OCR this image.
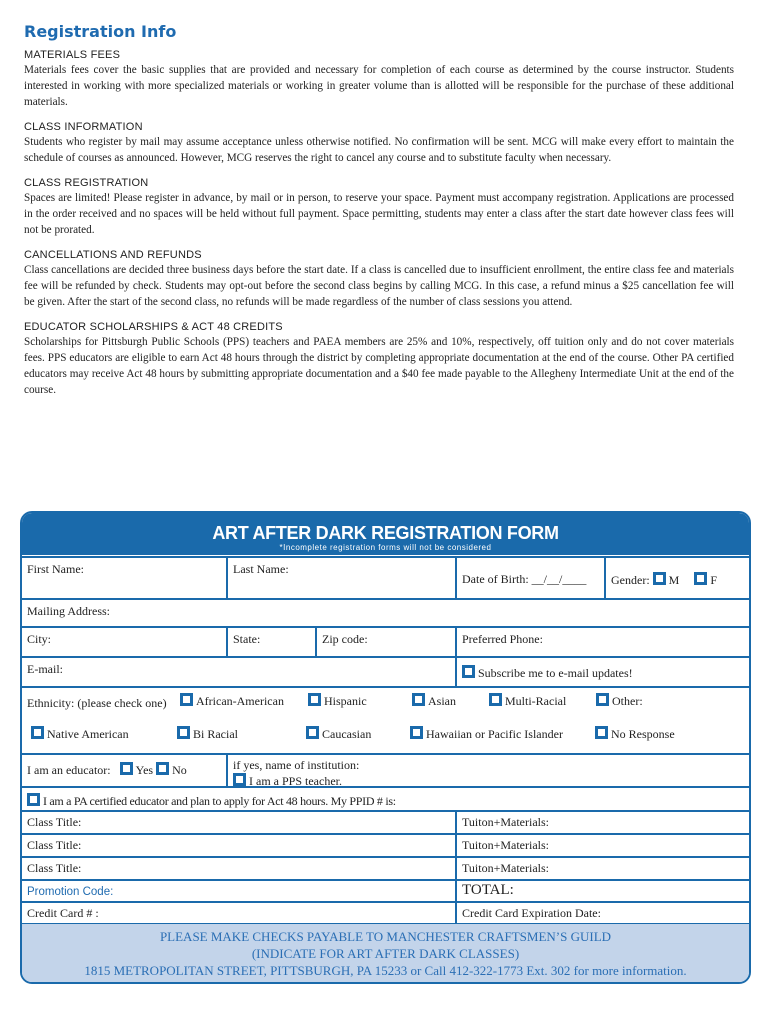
Registration Info
MATERIALS FEES

Materials fees cover the basic supplies that are provided and necessary for completion of each course as determined by the course instructor. Students interested in working with more specialized materials or working in greater volume than is allotted will be responsible for the purchase of these additional materials.

CLASS INFORMATION

Students who register by mail may assume acceptance unless otherwise notified. No confirmation will be sent. MCG will make every effort to maintain the schedule of courses as announced. However, MCG reserves the right to cancel any course and to substitute faculty when necessary.

CLASS REGISTRATION

Spaces are limited! Please register in advance, by mail or in person, to reserve your space. Payment must accompany registration. Applications are processed in the order received and no spaces will be held without full payment. Space permitting, students may enter a class after the start date however class fees will not be prorated.

CANCELLATIONS AND REFUNDS

Class cancellations are decided three business days before the start date. If a class is cancelled due to insufficient enrollment, the entire class fee and materials fee will be refunded by check. Students may opt-out before the second class begins by calling MCG. In this case, a refund minus a $25 cancellation fee will be given. After the start of the second class, no refunds will be made regardless of the number of class sessions you attend.

EDUCATOR SCHOLARSHIPS & ACT 48 CREDITS

Scholarships for Pittsburgh Public Schools (PPS) teachers and PAEA members are 25% and 10%, respectively, off tuition only and do not cover materials fees. PPS educators are eligible to earn Act 48 hours through the district by completing appropriate documentation at the end of the course. Other PA certified educators may receive Act 48 hours by submitting appropriate documentation and a $40 fee made payable to the Allegheny Intermediate Unit at the end of the course.

ART AFTER DARK REGISTRATION FORM
*Incomplete registration forms will not be considered
First Name:	Last Name:
Date of Birth: __/__/____	Gender: M	F
Mailing Address:
City:	State:	Zip code:	Preferred Phone:
E-mail:	Subscribe me to e-mail updates!
Ethnicity: (please check one)	African-American	Hispanic	Asian	Multi-Racial	Other:
Native American	Bi Racial	Caucasian	Hawaiian or Pacific Islander	No Response
I am an educator: Yes No	if yes, name of institution:
I am a PPS teacher.
I am a PA certified educator and plan to apply for Act 48 hours. My PPID # is:
Class Title:	Tuiton+Materials:
Class Title:	Tuiton+Materials:
Class Title:	Tuiton+Materials:
Promotion Code:	TOTAL:
Credit Card # :	Credit Card Expiration Date:
PLEASE MAKE CHECKS PAYABLE TO MANCHESTER CRAFTSMEN’S GUILD
(INDICATE FOR ART AFTER DARK CLASSES)
1815 METROPOLITAN STREET, PITTSBURGH, PA 15233 or Call 412-322-1773 Ext. 302 for more information.
